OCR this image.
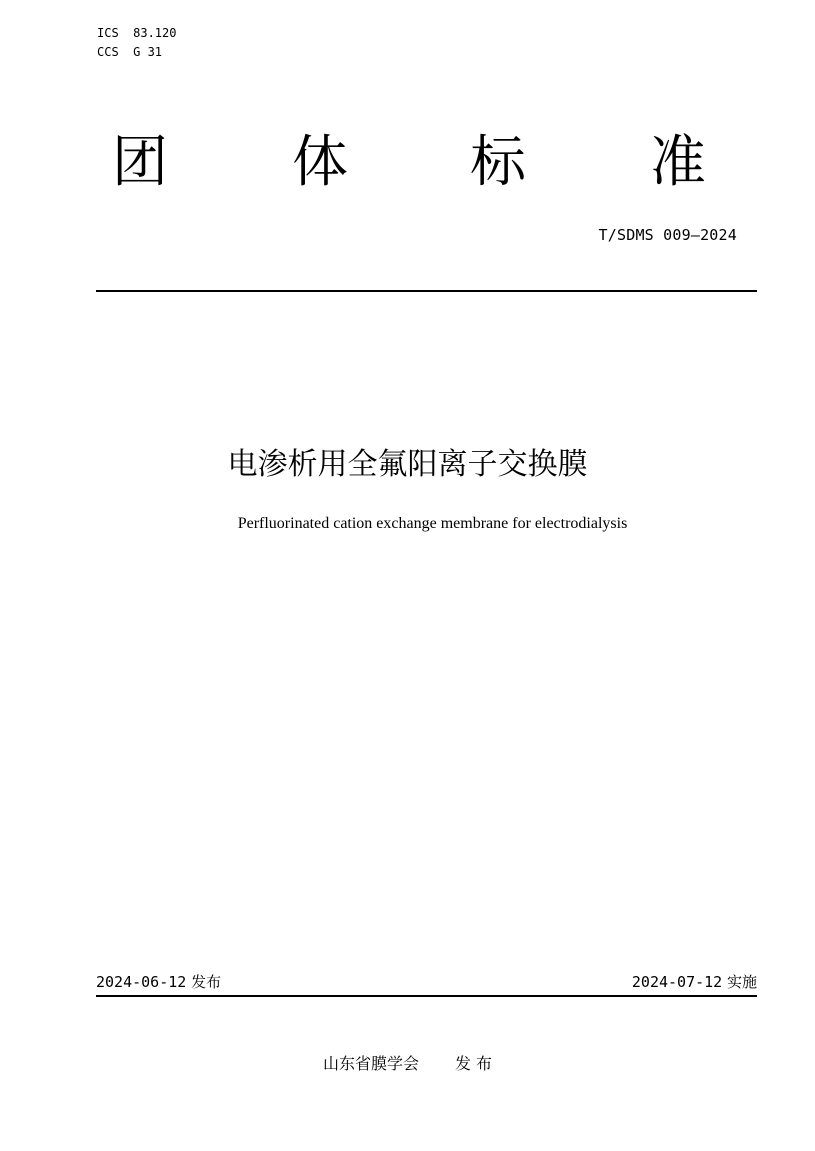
ICS  83.120
CCS  G 31
团 体 标 准
T/SDMS 009—2024
电渗析用全氟阳离子交换膜
Perfluorinated cation exchange membrane for electrodialysis
2024-06-12 发布	2024-07-12 实施
山东省膜学会 发 布
